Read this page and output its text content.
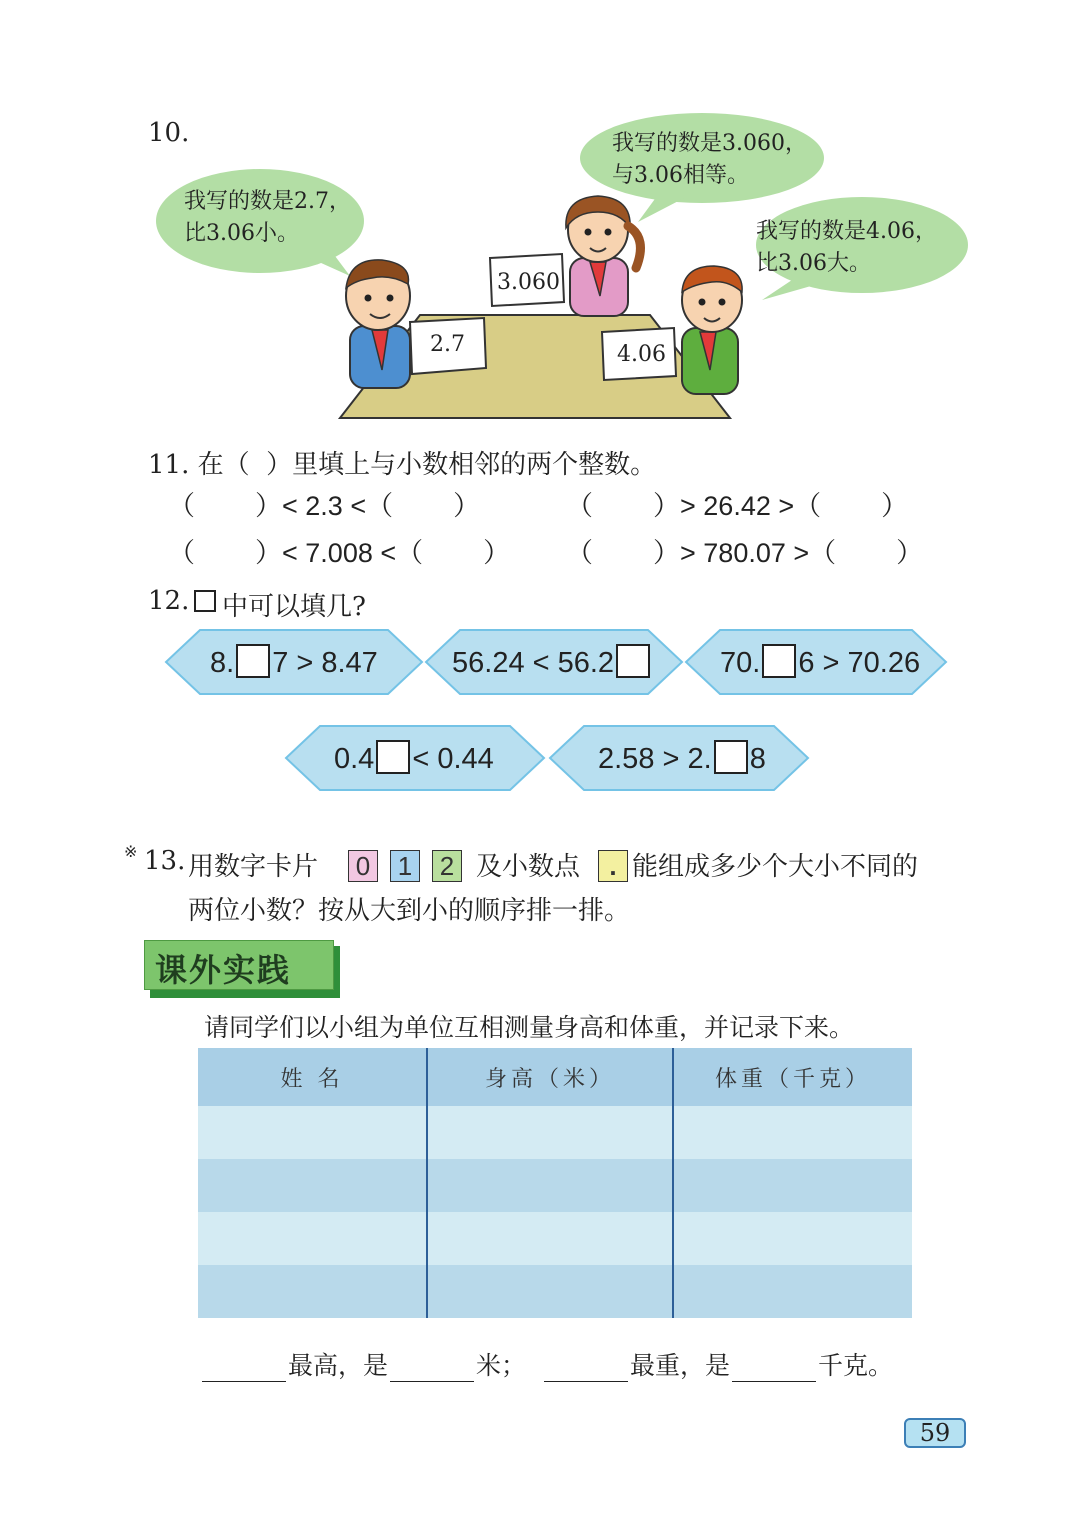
10.
我写的数是2.7，
比3.06小。
我写的数是3.060，
与3.06相等。
我写的数是4.06，
比3.06大。
2.7
3.060
4.06
11. 在（  ）里填上与小数相邻的两个整数。
（        ）< 2.3 <（        ）	（        ）> 26.42 >（        ）
（        ）< 7.008 <（        ） （        ）> 780.07 >（        ）
12. 中可以填几?
8. 7 > 8.47	56.24 < 56.2	70. 6 > 70.26
0.4 < 0.44	2.58 > 2. 8
※ 13. 用数字卡片 0 1 2 及小数点	. 能组成多少个大小不同的
两位小数？按从大到小的顺序排一排。
课外实践
请同学们以小组为单位互相测量身高和体重，并记录下来。
姓 名	身高（米）	体重（千克）

最高，是	米；	最重，是	千克。
59
